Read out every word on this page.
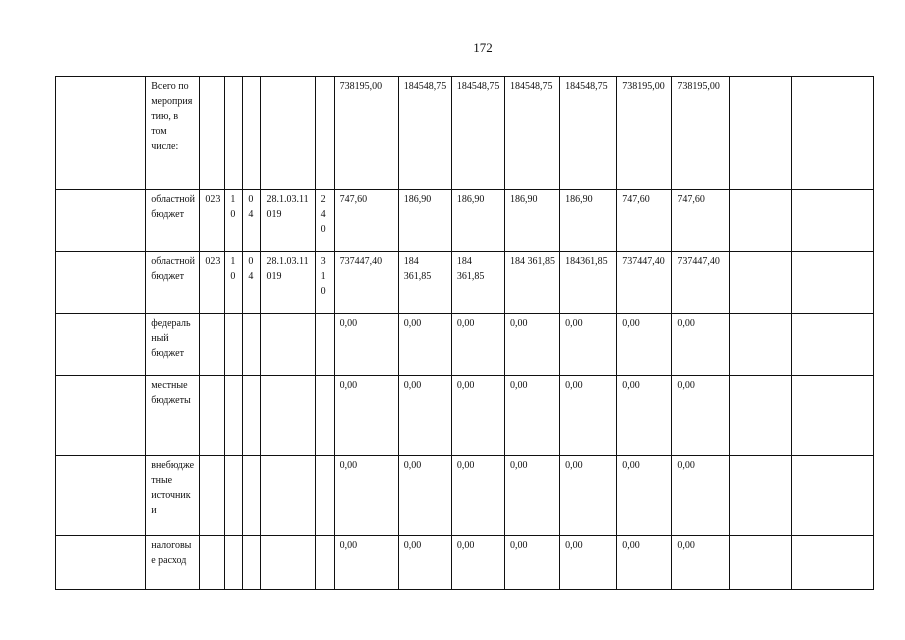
172
	Всего по мероприятию, в том числе:						738195,00	184548,75	184548,75	184548,75	184548,75	738195,00	738195,00		
	областной бюджет	023	10	04	28.1.03.11019	240	747,60	186,90	186,90	186,90	186,90	747,60	747,60		
	областной бюджет	023	10	04	28.1.03.11019	310	737447,40	184 361,85	184 361,85	184 361,85	184361,85	737447,40	737447,40		
	федеральный бюджет						0,00	0,00	0,00	0,00	0,00	0,00	0,00		
	местные бюджеты						0,00	0,00	0,00	0,00	0,00	0,00	0,00		
	внебюджетные источники						0,00	0,00	0,00	0,00	0,00	0,00	0,00		
	налоговые расход						0,00	0,00	0,00	0,00	0,00	0,00	0,00		
